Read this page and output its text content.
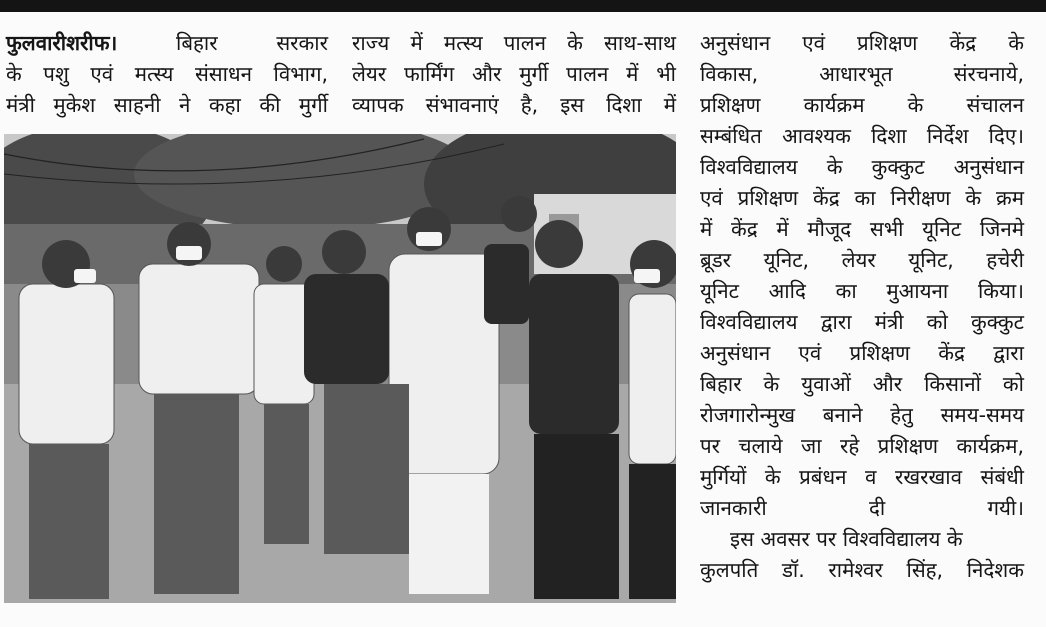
फुलवारीशरीफ।	बिहार सरकार
के पशु एवं मत्स्य संसाधन विभाग,
मंत्री मुकेश साहनी ने कहा की मुर्गी
राज्य में मत्स्य पालन के साथ-साथ
लेयर फार्मिंग और मुर्गी पालन में भी
व्यापक संभावनाएं है, इस दिशा में
अनुसंधान एवं प्रशिक्षण केंद्र के
विकास, आधारभूत संरचनाये,
प्रशिक्षण कार्यक्रम के संचालन
सम्बंधित आवश्यक दिशा निर्देश दिए।
विश्वविद्यालय के कुक्कुट अनुसंधान
एवं प्रशिक्षण केंद्र का निरीक्षण के क्रम
में केंद्र में मौजूद सभी यूनिट जिनमे
ब्रूडर यूनिट, लेयर यूनिट, हचेरी
यूनिट आदि का मुआयना किया।
विश्वविद्यालय द्वारा मंत्री को कुक्कुट
अनुसंधान एवं प्रशिक्षण केंद्र द्वारा
बिहार के युवाओं और किसानों को
रोजगारोन्मुख बनाने हेतु समय-समय
पर चलाये जा रहे प्रशिक्षण कार्यक्रम,
मुर्गियों के प्रबंधन व रखरखाव संबंधी
जानकारी दी गयी।
इस अवसर पर विश्वविद्यालय के
कुलपति डॉ. रामेश्वर सिंह, निदेशक
